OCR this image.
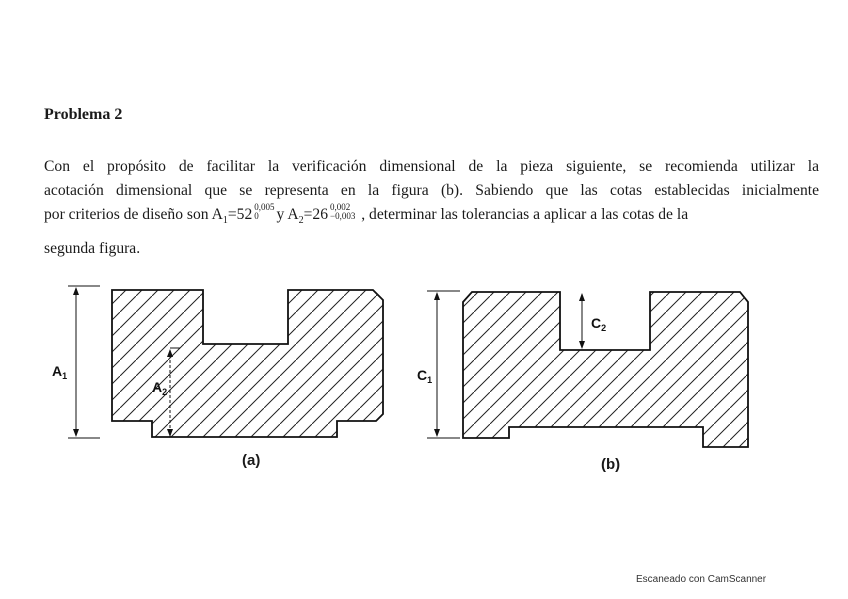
Problema 2
Con el propósito de facilitar la verificación dimensional de la pieza siguiente, se recomienda utilizar la
acotación dimensional que se representa en la figura (b). Sabiendo que las cotas establecidas inicialmente
por criterios de diseño son $A_1=52$ 0,005
0	y $A_2=26$ 0,002
−0,003 , determinar las tolerancias a aplicar a las cotas de la
segunda figura.
$A_1$
$A_2$
(a)
$C_1$
$C_2$
(b)
Escaneado con CamScanner
